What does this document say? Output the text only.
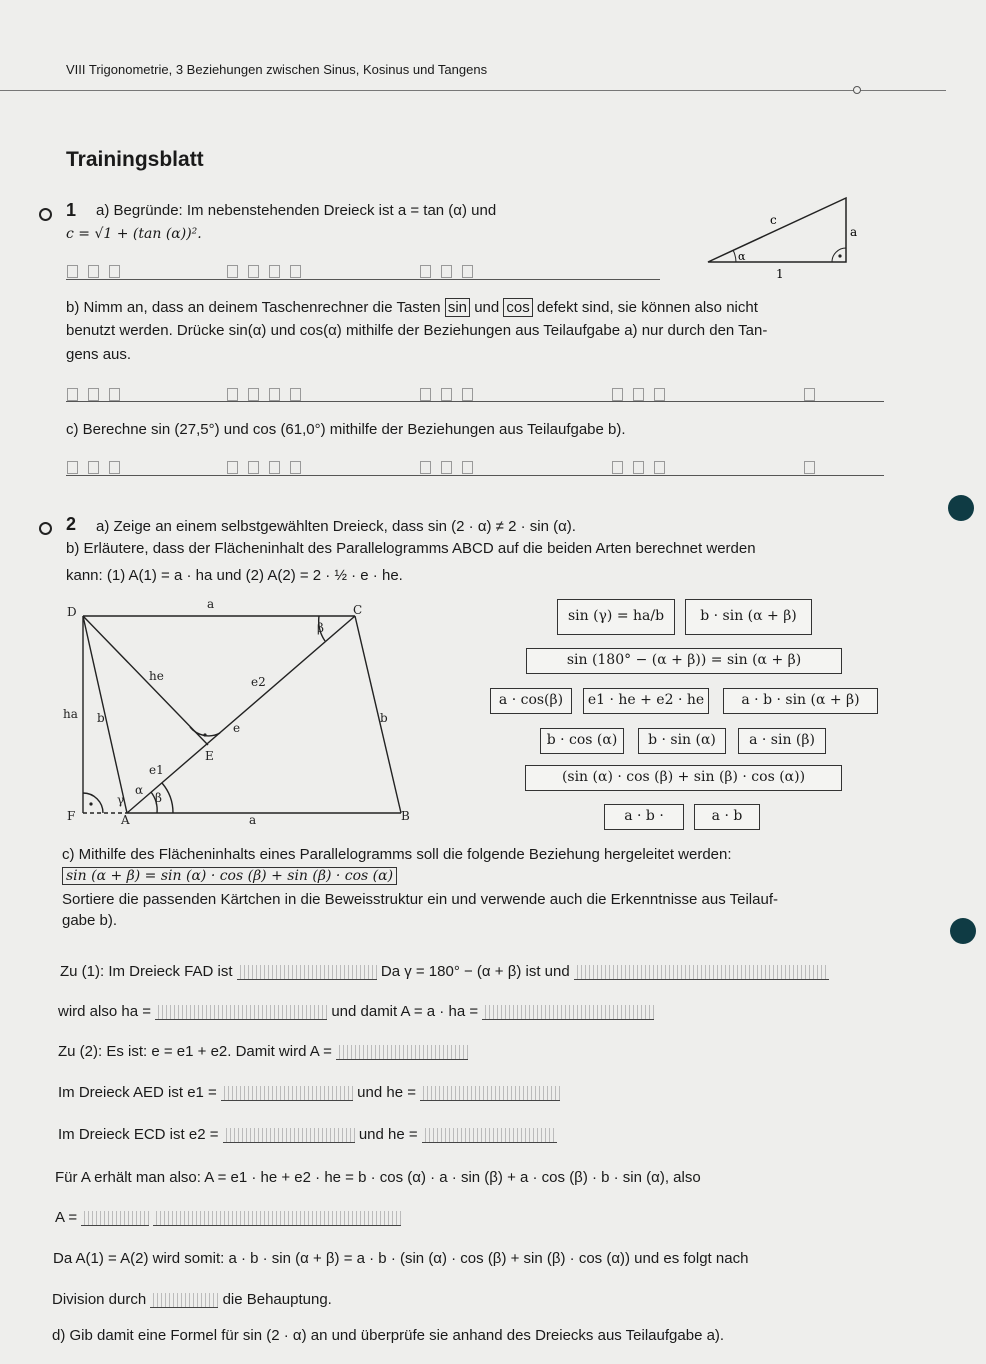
VIII Trigonometrie, 3 Beziehungen zwischen Sinus, Kosinus und Tangens
Trainingsblatt
1 a) Begründe: Im nebenstehenden Dreieck ist a = tan (α) und
c = √1 + (tan (α))².
c
a
α
1

b) Nimm an, dass an deinem Taschenrechner die Tasten sin und cos defekt sind, sie können also nicht
benutzt werden. Drücke sin(α) und cos(α) mithilfe der Beziehungen aus Teilaufgabe a) nur durch den Tan-
gens aus.

c) Berechne sin (27,5°) und cos (61,0°) mithilfe der Beziehungen aus Teilaufgabe b).

2 a) Zeige an einem selbstgewählten Dreieck, dass sin (2 · α) ≠ 2 · sin (α).
b) Erläutere, dass der Flächeninhalt des Parallelogramms ABCD auf die beiden Arten berechnet werden
kann: (1) A(1) = a · ha und (2) A(2) = 2 · ½ · e · he.
D	C
F	A	B
E
a
a
he
ha b	b
e
e1
e2
β
α
β
γ
sin (γ) = ha/b	b · sin (α + β)
sin (180° − (α + β)) = sin (α + β)
a · cos(β)	e1 · he + e2 · he	a · b · sin (α + β)
b · cos (α)	b · sin (α)	a · sin (β)
(sin (α) · cos (β) + sin (β) · cos (α))
a · b ·	a · b
c) Mithilfe des Flächeninhalts eines Parallelogramms soll die folgende Beziehung hergeleitet werden:
sin (α + β) = sin (α) · cos (β) + sin (β) · cos (α)
Sortiere die passenden Kärtchen in die Beweisstruktur ein und verwende auch die Erkenntnisse aus Teilauf-
gabe b).
Zu (1): Im Dreieck FAD ist	Da γ = 180° − (α + β) ist und
wird also ha =	und damit A = a · ha =
Zu (2): Es ist: e = e1 + e2. Damit wird A =
Im Dreieck AED ist e1 =	und he =
Im Dreieck ECD ist e2 =	und he =
Für A erhält man also: A = e1 · he + e2 · he = b · cos (α) · a · sin (β) + a · cos (β) · b · sin (α), also
A =
Da A(1) = A(2) wird somit: a · b · sin (α + β) = a · b · (sin (α) · cos (β) + sin (β) · cos (α)) und es folgt nach
Division durch	die Behauptung.
d) Gib damit eine Formel für sin (2 · α) an und überprüfe sie anhand des Dreiecks aus Teilaufgabe a).
